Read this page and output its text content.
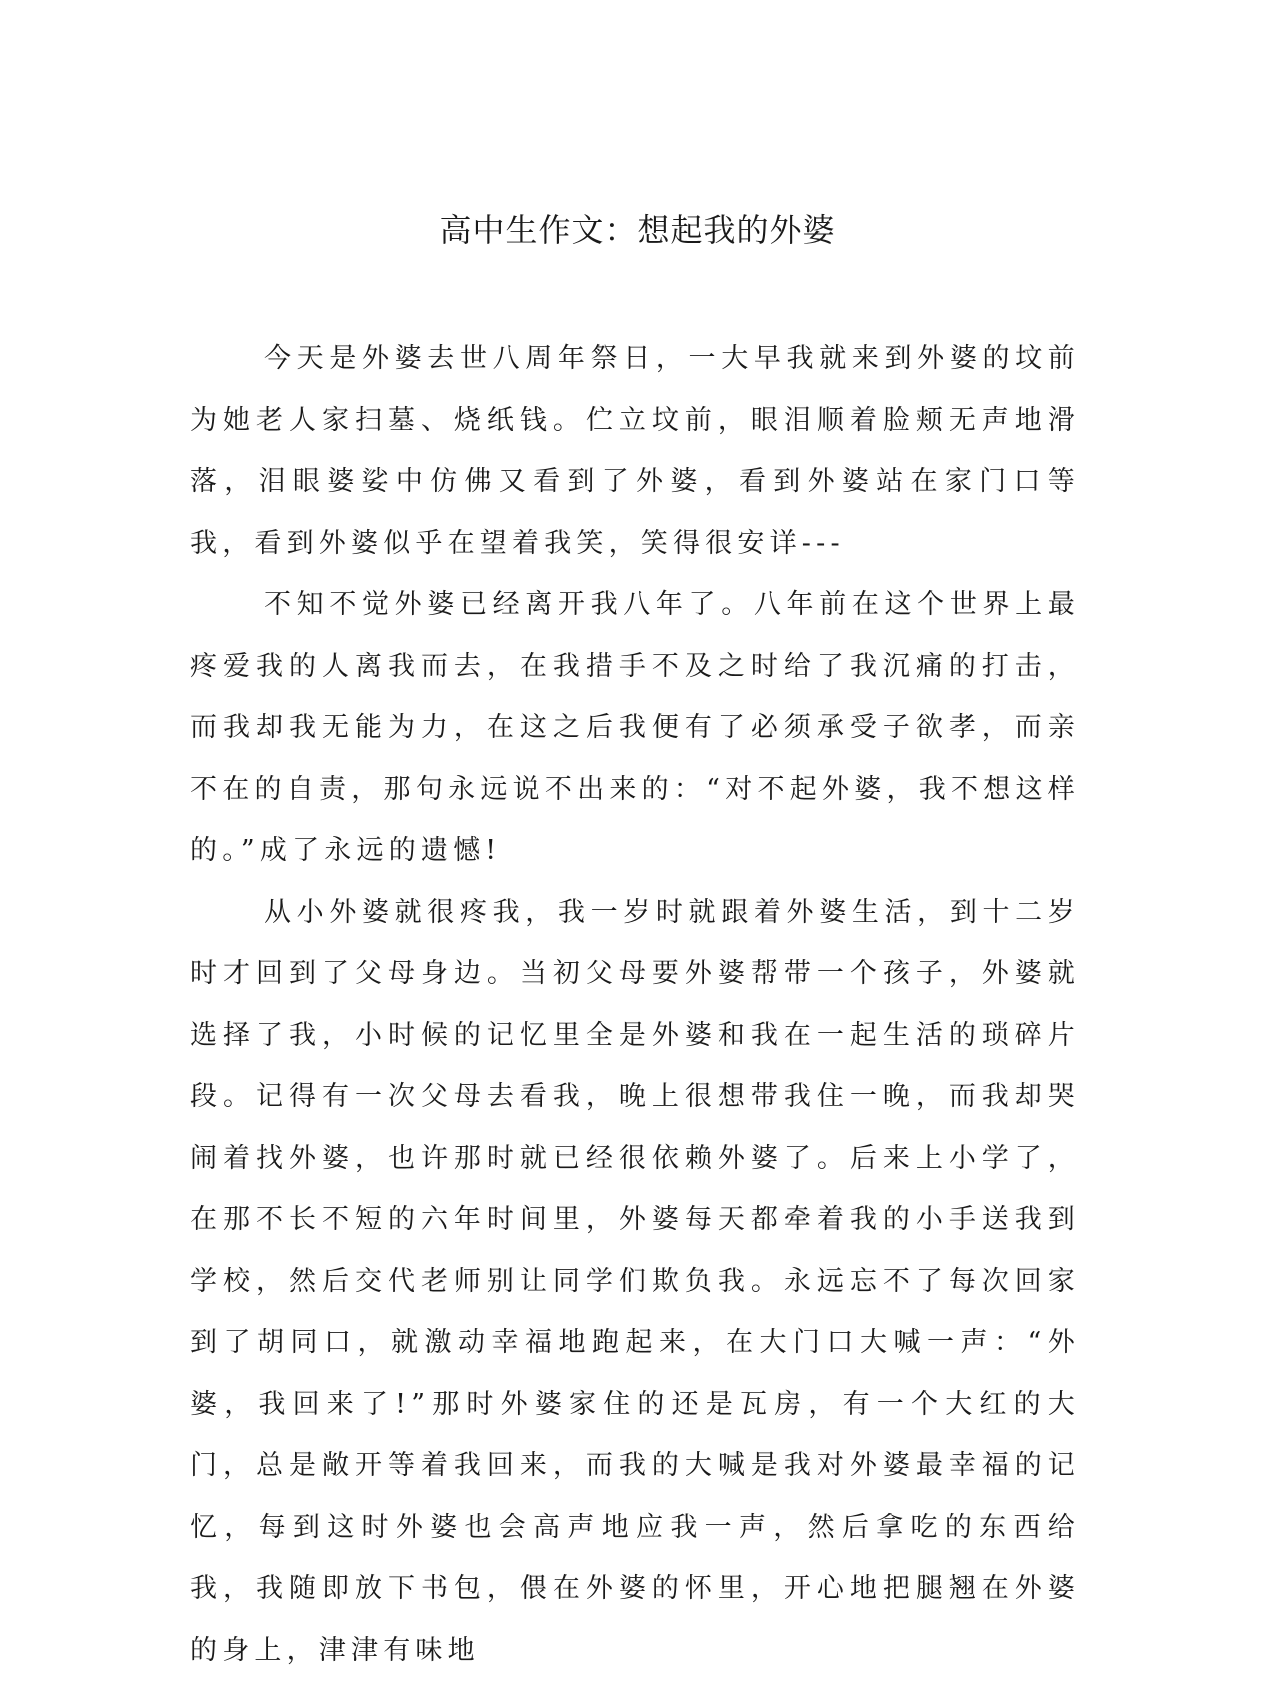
高中生作文：想起我的外婆

今天是外婆去世八周年祭日，一大早我就来到外婆的坟前为她老人家扫墓、烧纸钱。伫立坟前，眼泪顺着脸颊无声地滑落，泪眼婆娑中仿佛又看到了外婆，看到外婆站在家门口等我，看到外婆似乎在望着我笑，笑得很安详---

不知不觉外婆已经离开我八年了。八年前在这个世界上最疼爱我的人离我而去，在我措手不及之时给了我沉痛的打击，而我却我无能为力，在这之后我便有了必须承受子欲孝，而亲不在的自责，那句永远说不出来的：“对不起外婆，我不想这样的。”成了永远的遗憾!

从小外婆就很疼我，我一岁时就跟着外婆生活，到十二岁时才回到了父母身边。当初父母要外婆帮带一个孩子，外婆就选择了我，小时候的记忆里全是外婆和我在一起生活的琐碎片段。记得有一次父母去看我，晚上很想带我住一晚，而我却哭闹着找外婆，也许那时就已经很依赖外婆了。后来上小学了，在那不长不短的六年时间里，外婆每天都牵着我的小手送我到学校，然后交代老师别让同学们欺负我。永远忘不了每次回家到了胡同口，就激动幸福地跑起来，在大门口大喊一声：“外婆，我回来了!”那时外婆家住的还是瓦房，有一个大红的大门，总是敞开等着我回来，而我的大喊是我对外婆最幸福的记忆，每到这时外婆也会高声地应我一声，然后拿吃的东西给我，我随即放下书包，偎在外婆的怀里，开心地把腿翘在外婆的身上，津津有味地
